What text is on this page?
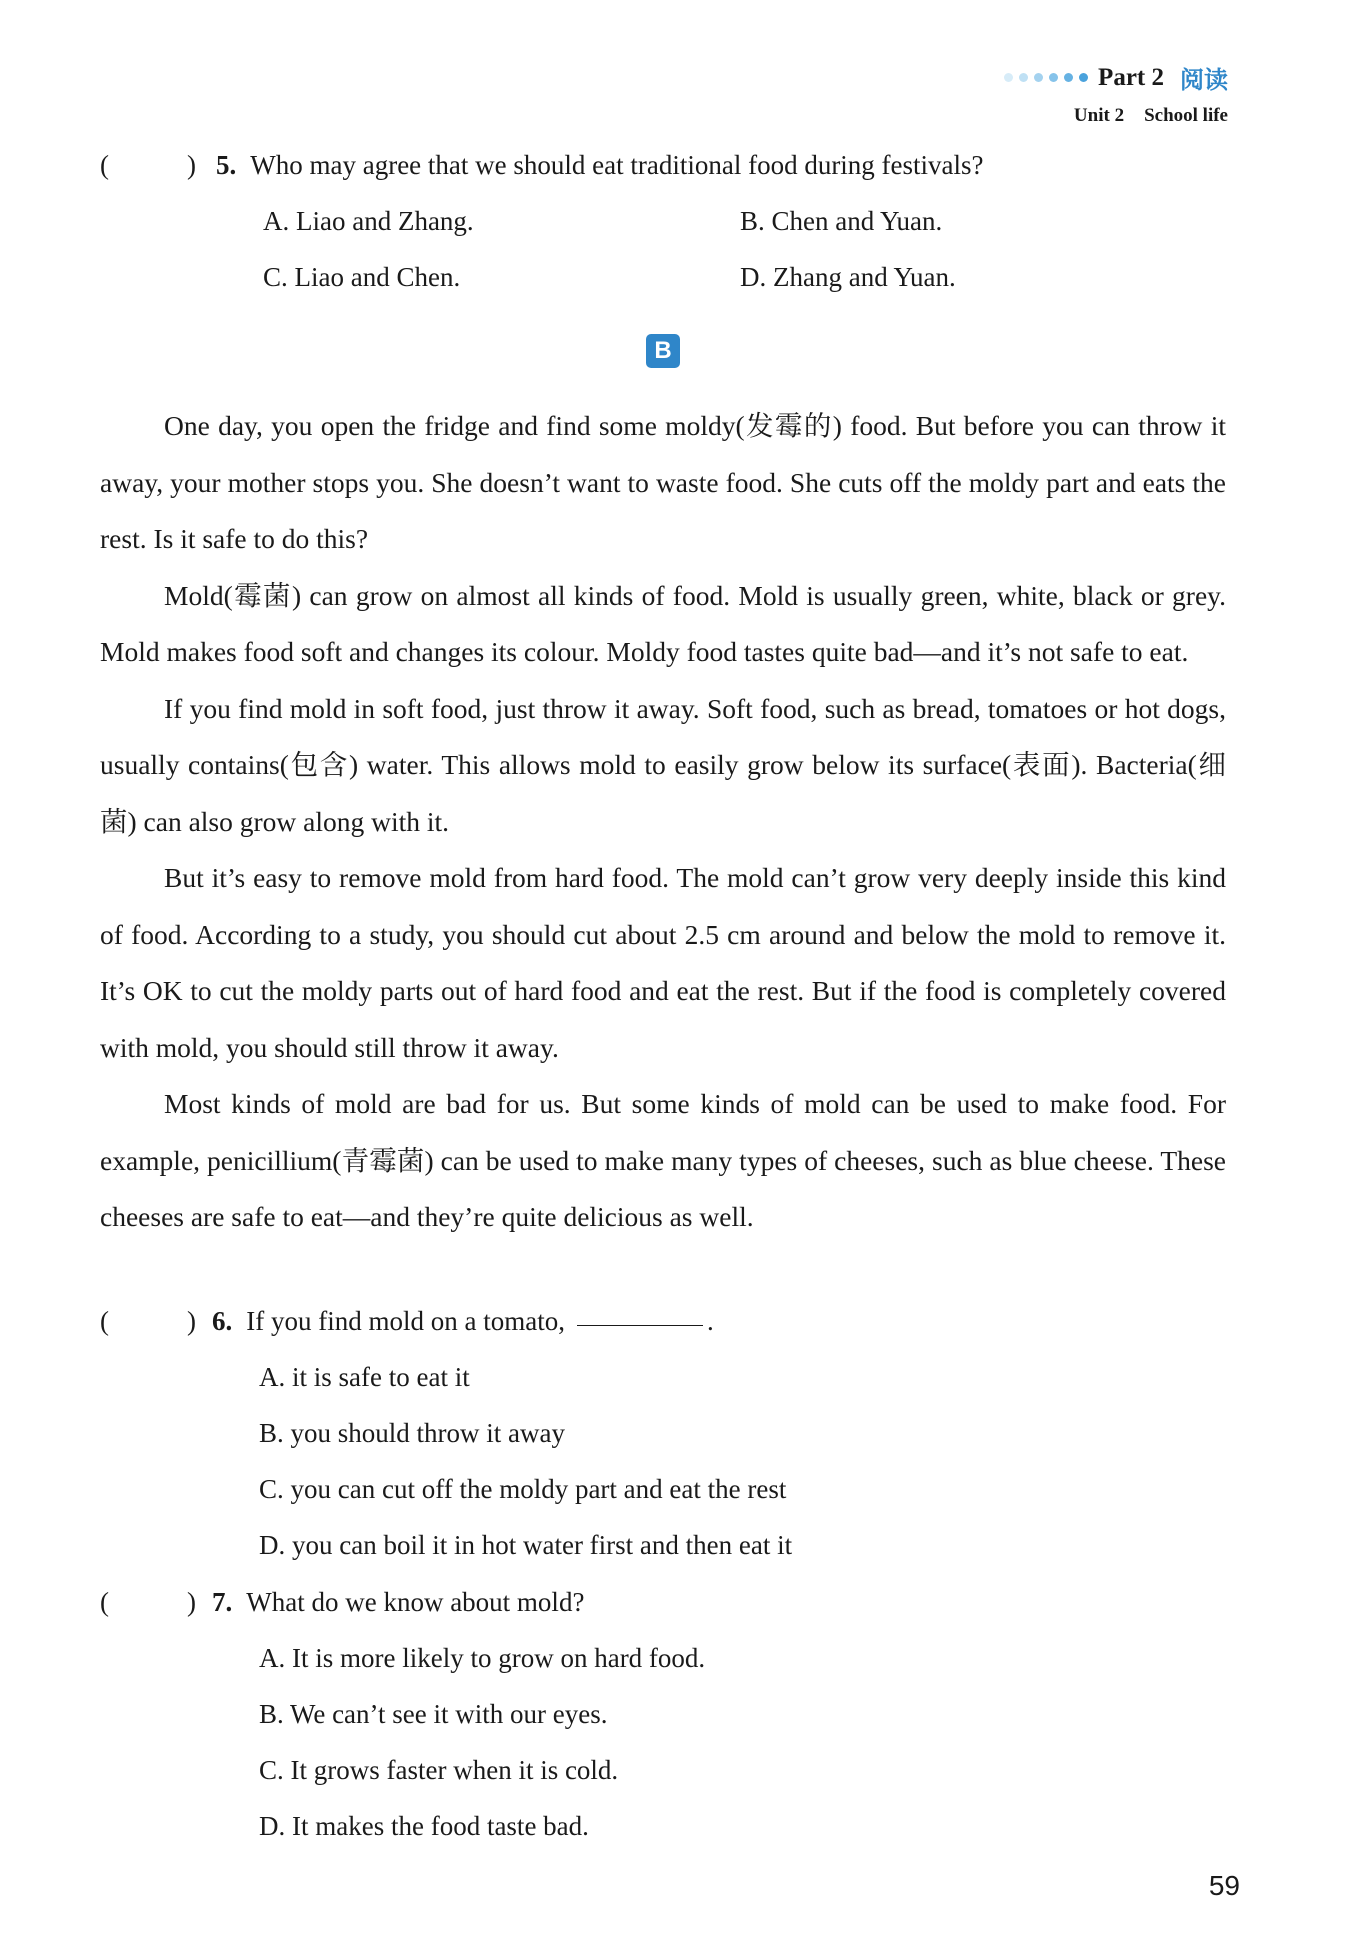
Part 2 阅读
Unit 2 School life
(	) 5. Who may agree that we should eat traditional food during festivals?
A. Liao and Zhang.	B. Chen and Yuan.
C. Liao and Chen.	D. Zhang and Yuan.
B

One day, you open the fridge and find some moldy(发霉的) food. But before you can throw it away, your mother stops you. She doesn’t want to waste food. She cuts off the moldy part and eats the rest. Is it safe to do this?

Mold(霉菌) can grow on almost all kinds of food. Mold is usually green, white, black or grey. Mold makes food soft and changes its colour. Moldy food tastes quite bad—and it’s not safe to eat.

If you find mold in soft food, just throw it away. Soft food, such as bread, tomatoes or hot dogs, usually contains(包含) water. This allows mold to easily grow below its surface(表面). Bacteria(细菌) can also grow along with it.

But it’s easy to remove mold from hard food. The mold can’t grow very deeply inside this kind of food. According to a study, you should cut about 2.5 cm around and below the mold to remove it. It’s OK to cut the moldy parts out of hard food and eat the rest. But if the food is completely covered with mold, you should still throw it away.

Most kinds of mold are bad for us. But some kinds of mold can be used to make food. For example, penicillium(青霉菌) can be used to make many types of cheeses, such as blue cheese. These cheeses are safe to eat—and they’re quite delicious as well.

(	) 6. If you find mold on a tomato,	.
A. it is safe to eat it
B. you should throw it away
C. you can cut off the moldy part and eat the rest
D. you can boil it in hot water first and then eat it
(	) 7. What do we know about mold?
A. It is more likely to grow on hard food.
B. We can’t see it with our eyes.
C. It grows faster when it is cold.
D. It makes the food taste bad.
59
